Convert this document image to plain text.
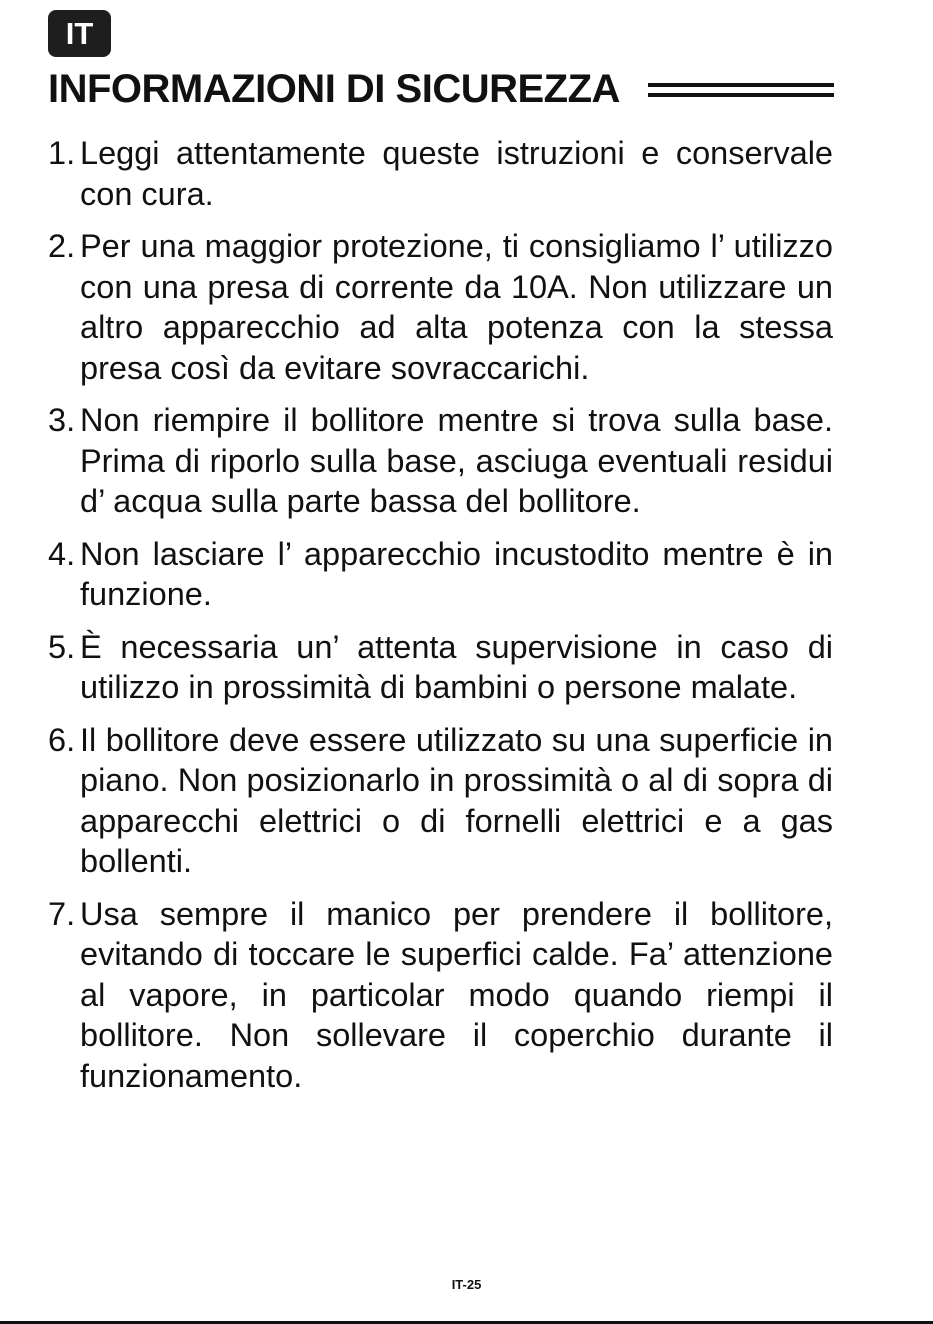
IT
INFORMAZIONI DI SICUREZZA

1. Leggi attentamente queste istruzioni e conservale con cura.

2. Per una maggior protezione, ti consigliamo l’ utilizzo con una presa di corrente da 10A. Non utilizzare un altro apparecchio ad alta potenza con la stessa presa così da evitare sovraccarichi.

3. Non riempire il bollitore mentre si trova sulla base. Prima di riporlo sulla base, asciuga eventuali residui d’ acqua sulla parte bassa del bollitore.

4. Non lasciare l’ apparecchio incustodito mentre è in funzione.

5. È necessaria un’ attenta supervisione in caso di utilizzo in prossimità di bambini o persone malate.

6. Il bollitore deve essere utilizzato su una superficie in piano. Non posizionarlo in prossimità o al di sopra di apparecchi elettrici o di fornelli elettrici e a gas bollenti.

7. Usa sempre il manico per prendere il bollitore, evitando di toccare le superfici calde. Fa’ attenzione al vapore, in particolar modo quando riempi il bollitore. Non sollevare il coperchio durante il funzionamento.

IT-25
